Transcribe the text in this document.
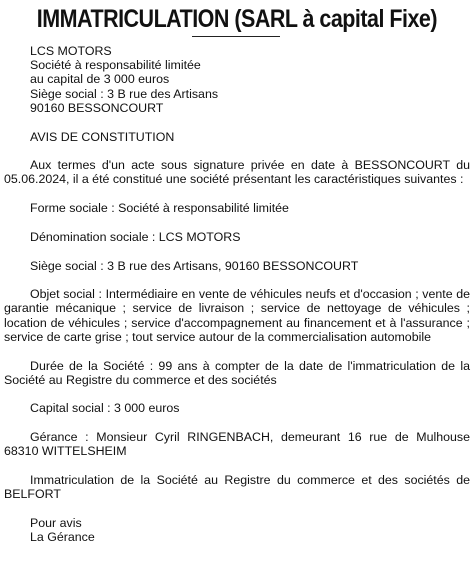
IMMATRICULATION (SARL à capital Fixe)

LCS MOTORS

Société à responsabilité limitée

au capital de 3 000 euros

Siège social : 3 B rue des Artisans

90160 BESSONCOURT

AVIS DE CONSTITUTION

Aux termes d'un acte sous signature privée en date à BESSONCOURT du 05.06.2024, il a été constitué une société présentant les caractéristiques suivantes :

Forme sociale : Société à responsabilité limitée

Dénomination sociale : LCS MOTORS

Siège social : 3 B rue des Artisans, 90160 BESSONCOURT

Objet social : Intermédiaire en vente de véhicules neufs et d'occasion ; vente de garantie mécanique ; service de livraison ; service de nettoyage de véhicules ; location de véhicules ; service d'accompagnement au financement et à l'assurance ; service de carte grise ; tout service autour de la commercialisation automobile

Durée de la Société : 99 ans à compter de la date de l'immatriculation de la Société au Registre du commerce et des sociétés

Capital social : 3 000 euros

Gérance : Monsieur Cyril RINGENBACH, demeurant 16 rue de Mulhouse 68310 WITTELSHEIM

Immatriculation de la Société au Registre du commerce et des sociétés de BELFORT

Pour avis

La Gérance
